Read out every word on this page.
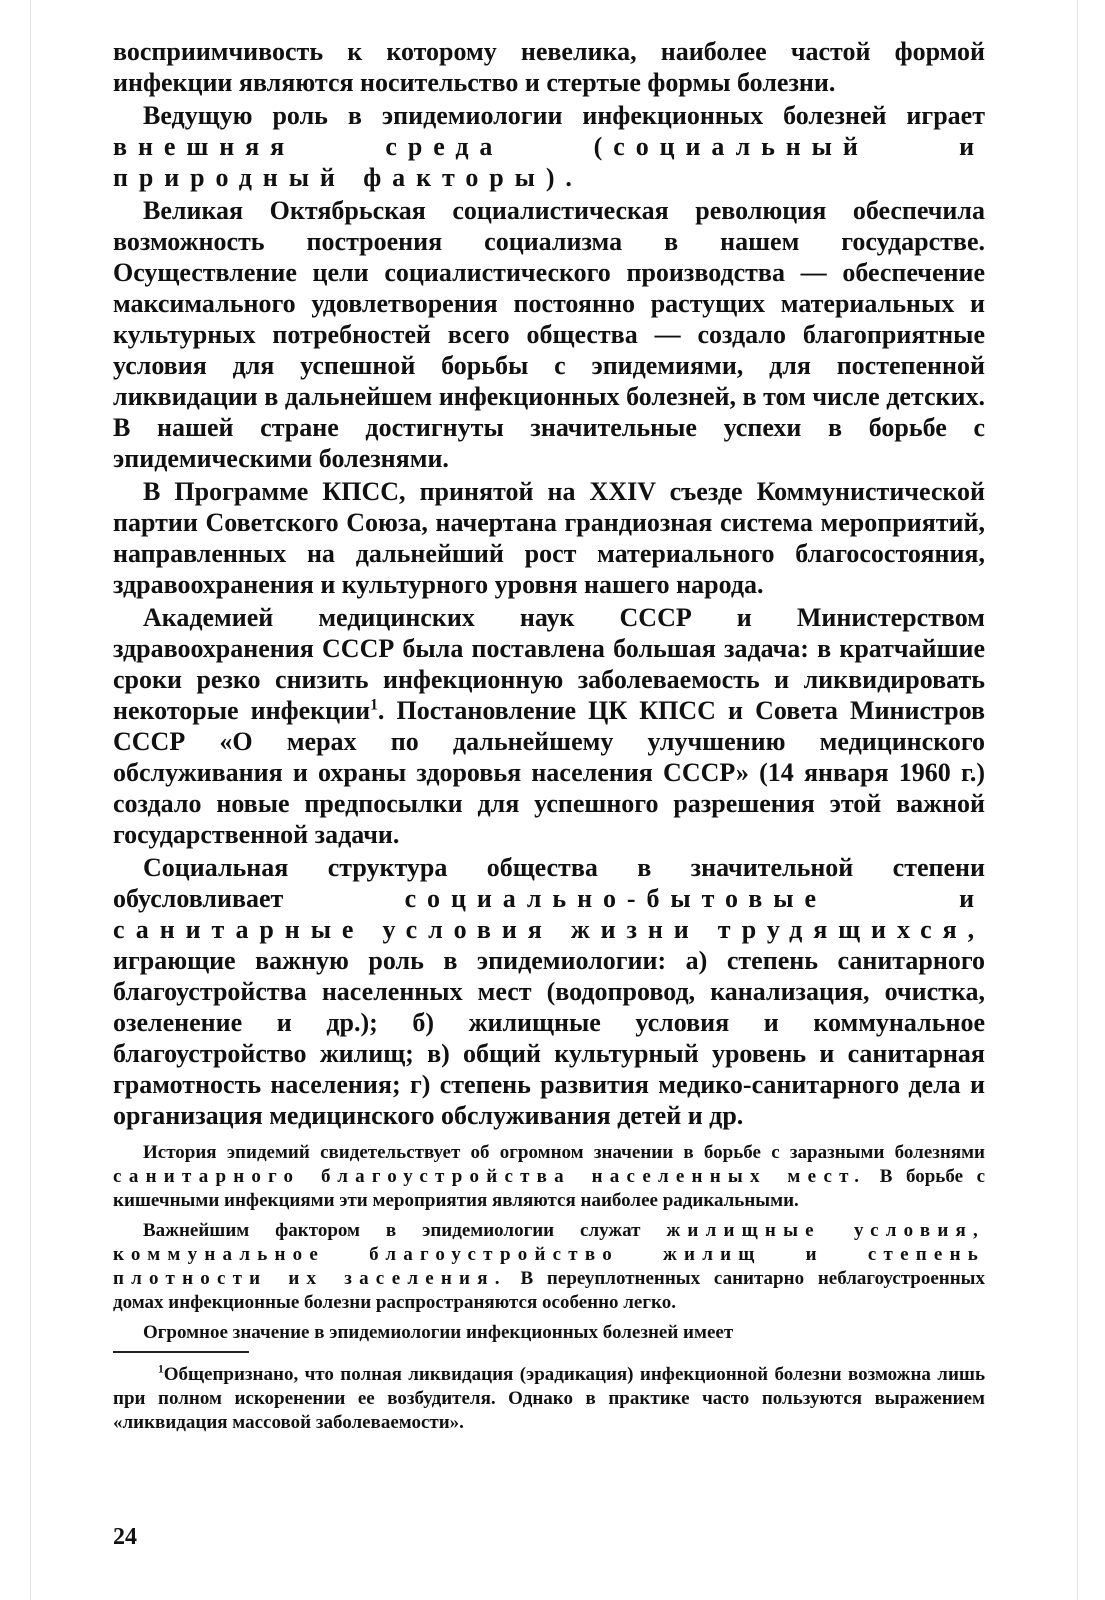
восприимчивость к которому невелика, наиболее частой формой инфекции являются носительство и стертые формы болезни.

Ведущую роль в эпидемиологии инфекционных болезней играет внешняя среда (социальный и природный факторы).

Великая Октябрьская социалистическая революция обеспечила возможность построения социализма в нашем государстве. Осуществление цели социалистического производства — обеспечение максимального удовлетворения постоянно растущих материальных и культурных потребностей всего общества — создало благоприятные условия для успешной борьбы с эпидемиями, для постепенной ликвидации в дальнейшем инфекционных болезней, в том числе детских. В нашей стране достигнуты значительные успехи в борьбе с эпидемическими болезнями.

В Программе КПСС, принятой на XXIV съезде Коммунистической партии Советского Союза, начертана грандиозная система мероприятий, направленных на дальнейший рост материального благосостояния, здравоохранения и культурного уровня нашего народа.

Академией медицинских наук СССР и Министерством здравоохранения СССР была поставлена большая задача: в кратчайшие сроки резко снизить инфекционную заболеваемость и ликвидировать некоторые инфекции$^1$. Постановление ЦК КПСС и Совета Министров СССР «О мерах по дальнейшему улучшению медицинского обслуживания и охраны здоровья населения СССР» (14 января 1960 г.) создало новые предпосылки для успешного разрешения этой важной государственной задачи.

Социальная структура общества в значительной степени обусловливает социально-бытовые и санитарные условия жизни трудящихся, играющие важную роль в эпидемиологии: а) степень санитарного благоустройства населенных мест (водопровод, канализация, очистка, озеленение и др.); б) жилищные условия и коммунальное благоустройство жилищ; в) общий культурный уровень и санитарная грамотность населения; г) степень развития медико-санитарного дела и организация медицинского обслуживания детей и др.

История эпидемий свидетельствует об огромном значении в борьбе с заразными болезнями санитарного благоустройства населенных мест. В борьбе с кишечными инфекциями эти мероприятия являются наиболее радикальными.

Важнейшим фактором в эпидемиологии служат жилищные условия, коммунальное благоустройство жилищ и степень плотности их заселения. В переуплотненных санитарно неблагоустроенных домах инфекционные болезни распространяются особенно легко.

Огромное значение в эпидемиологии инфекционных болезней имеет

$^1$Общепризнано, что полная ликвидация (эрадикация) инфекционной болезни возможна лишь при полном искоренении ее возбудителя. Однако в практике часто пользуются выражением «ликвидация массовой заболеваемости».

24
